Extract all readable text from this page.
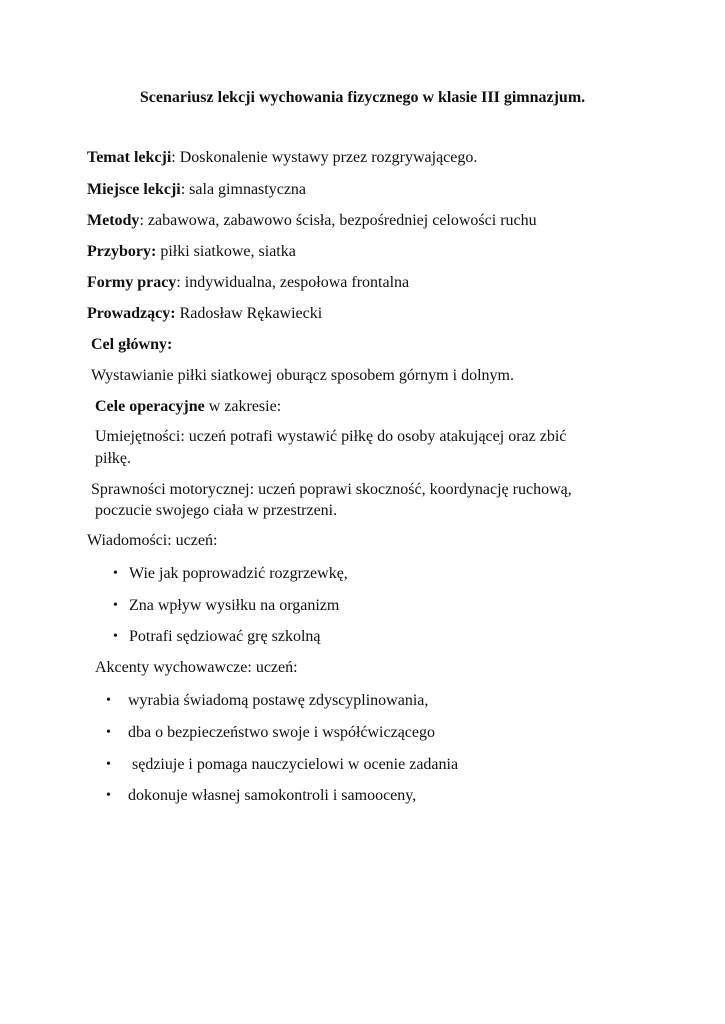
Scenariusz lekcji wychowania fizycznego w klasie III gimnazjum.
Temat lekcji: Doskonalenie wystawy przez rozgrywającego.
Miejsce lekcji: sala gimnastyczna
Metody: zabawowa, zabawowo ścisła, bezpośredniej celowości ruchu
Przybory: piłki siatkowe, siatka
Formy pracy: indywidualna, zespołowa frontalna
Prowadzący: Radosław Rękawiecki
Cel główny:
Wystawianie piłki siatkowej oburącz sposobem górnym i dolnym.
Cele operacyjne w zakresie:
Umiejętności: uczeń potrafi wystawić piłkę do osoby atakującej oraz zbić
piłkę.
Sprawności motorycznej: uczeń poprawi skoczność, koordynację ruchową,
poczucie swojego ciała w przestrzeni.
Wiadomości: uczeń:
• Wie jak poprowadzić rozgrzewkę,
• Zna wpływ wysiłku na organizm
• Potrafi sędziować grę szkolną
Akcenty wychowawcze: uczeń:
• wyrabia świadomą postawę zdyscyplinowania,
• dba o bezpieczeństwo swoje i współćwiczącego
• sędziuje i pomaga nauczycielowi w ocenie zadania
• dokonuje własnej samokontroli i samooceny,
